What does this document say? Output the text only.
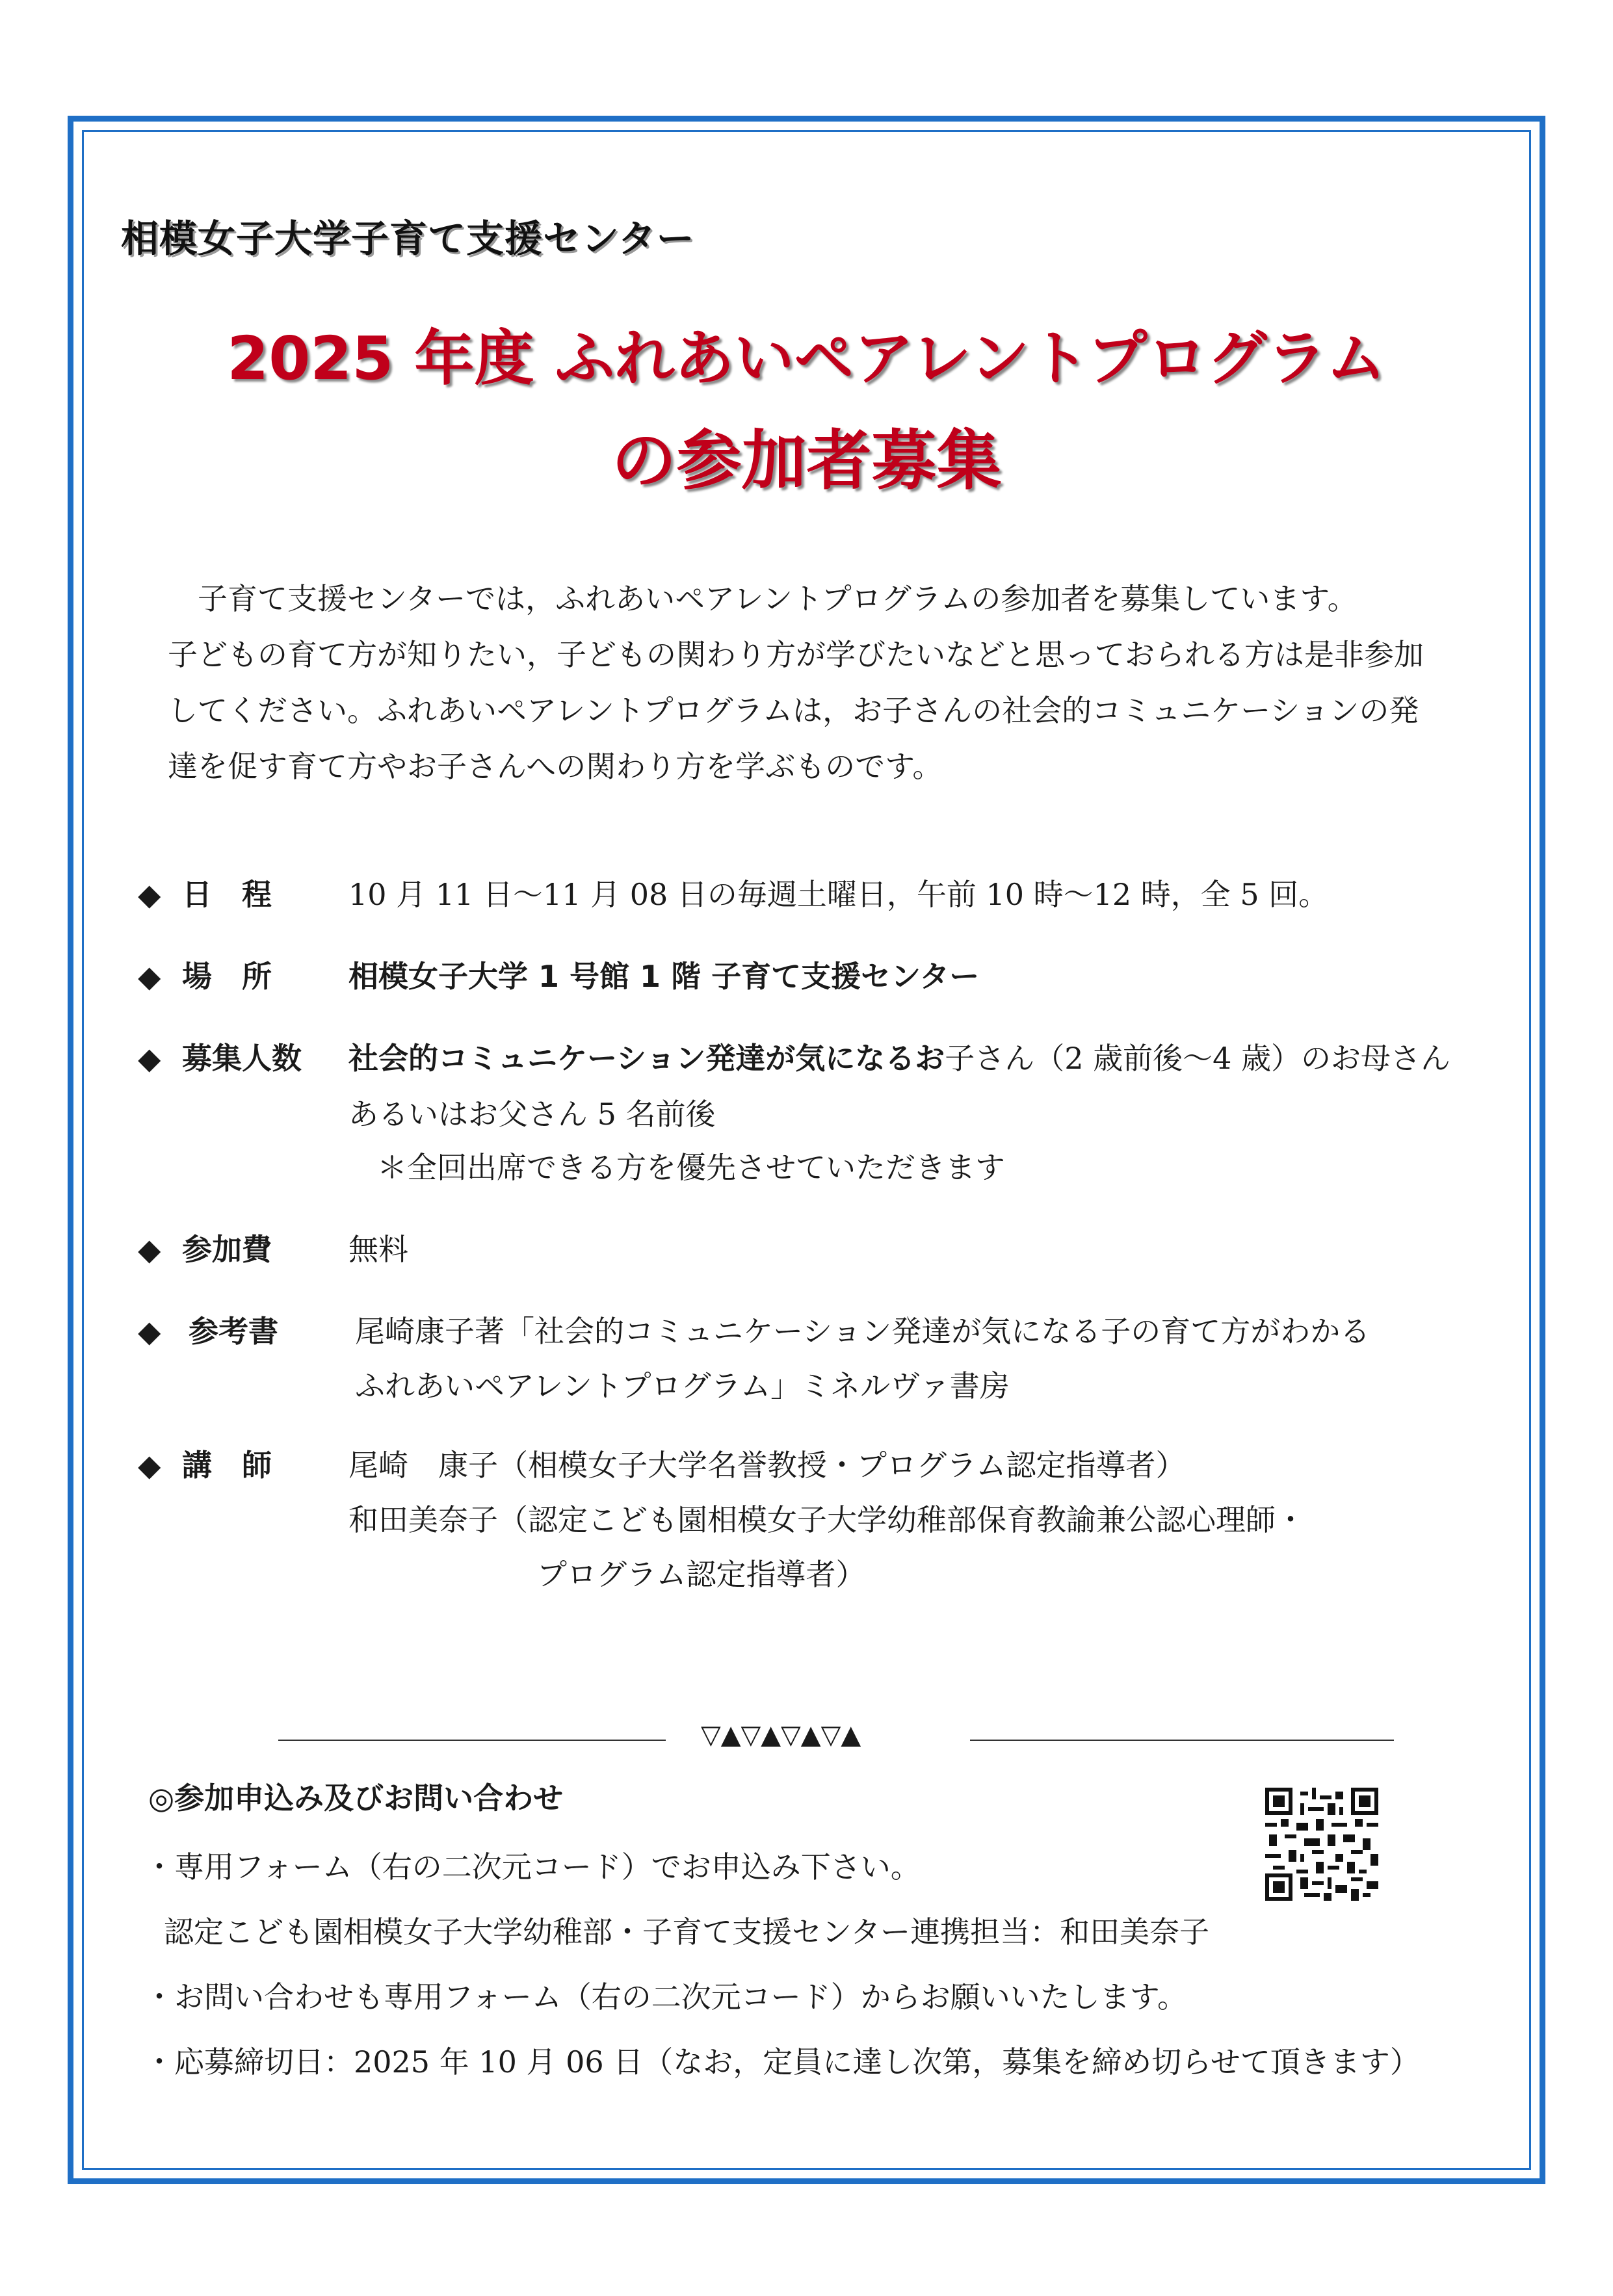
相模女子大学子育て支援センター
2025 年度 ふれあいペアレントプログラム
の参加者募集

子育て支援センターでは，ふれあいペアレントプログラムの参加者を募集しています。

子どもの育て方が知りたい，子どもの関わり方が学びたいなどと思っておられる方は是非参加

してください。ふれあいペアレントプログラムは，お子さんの社会的コミュニケーションの発

達を促す育て方やお子さんへの関わり方を学ぶものです。

◆ 日　程	10 月 11 日～11 月 08 日の毎週土曜日，午前 10 時～12 時，全 5 回。
◆ 場　所	相模女子大学 1 号館 1 階 子育て支援センター
◆ 募集人数 社会的コミュニケーション発達が気になるお子さん（2 歳前後～4 歳）のお母さん
あるいはお父さん 5 名前後
＊全回出席できる方を優先させていただきます
◆ 参加費	無料
◆ 参考書	尾崎康子著「社会的コミュニケーション発達が気になる子の育て方がわかる
ふれあいペアレントプログラム」ミネルヴァ書房
◆ 講　師	尾崎　康子（相模女子大学名誉教授・プログラム認定指導者）
和田美奈子（認定こども園相模女子大学幼稚部保育教諭兼公認心理師・
プログラム認定指導者）
▽▲▽▲▽▲▽▲
◎参加申込み及びお問い合わせ
・専用フォーム（右の二次元コード）でお申込み下さい。
認定こども園相模女子大学幼稚部・子育て支援センター連携担当：和田美奈子
・お問い合わせも専用フォーム（右の二次元コード）からお願いいたします。
・応募締切日：2025 年 10 月 06 日（なお，定員に達し次第，募集を締め切らせて頂きます）
